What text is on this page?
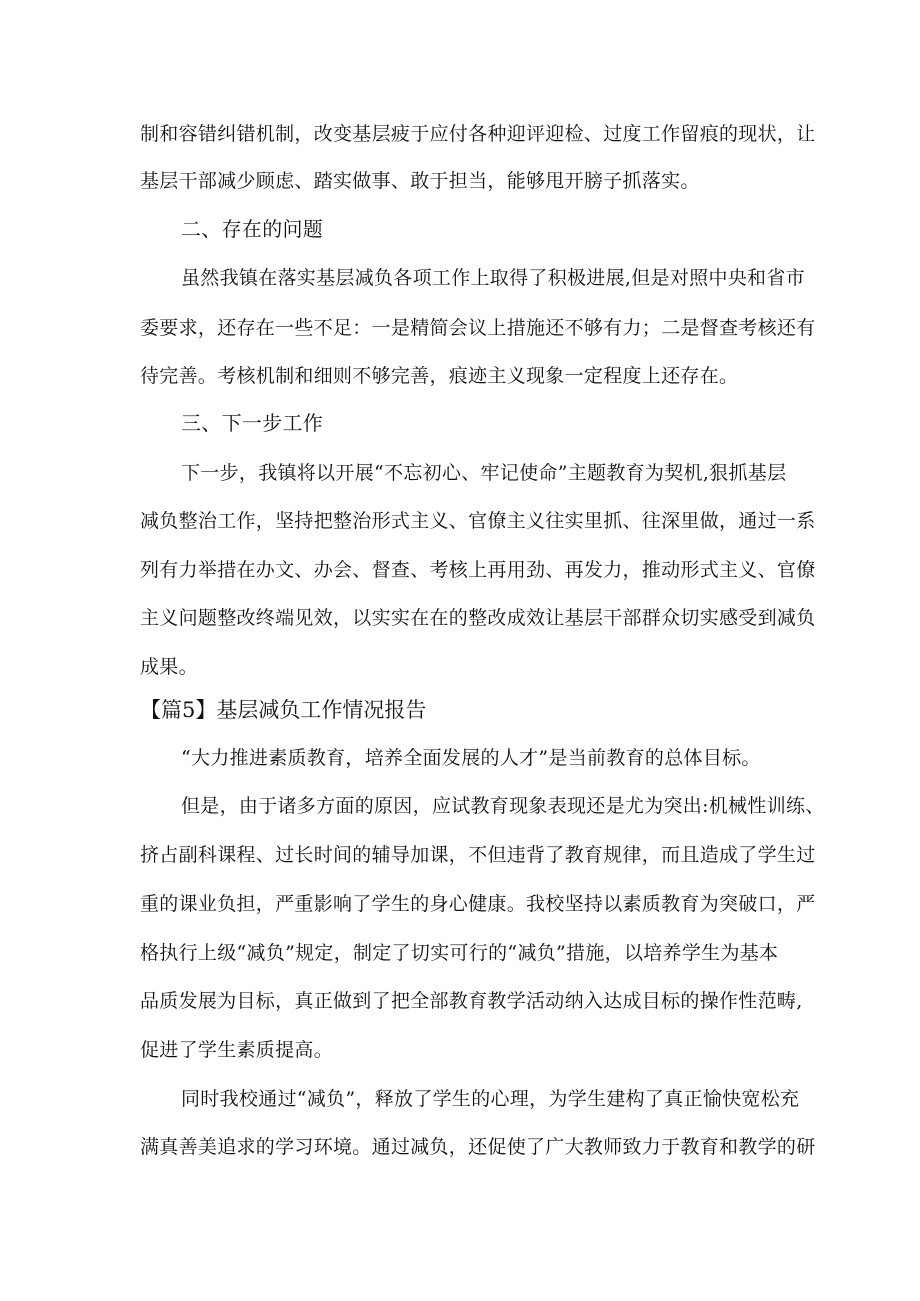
制和容错纠错机制，改变基层疲于应付各种迎评迎检、过度工作留痕的现状，让
基层干部减少顾虑、踏实做事、敢于担当，能够甩开膀子抓落实。
二、存在的问题
虽然我镇在落实基层减负各项工作上取得了积极进展,但是对照中央和省市
委要求，还存在一些不足：一是精简会议上措施还不够有力；二是督查考核还有
待完善。考核机制和细则不够完善，痕迹主义现象一定程度上还存在。
三、下一步工作
下一步，我镇将以开展“不忘初心、牢记使命”主题教育为契机,狠抓基层
减负整治工作，坚持把整治形式主义、官僚主义往实里抓、往深里做，通过一系
列有力举措在办文、办会、督查、考核上再用劲、再发力，推动形式主义、官僚
主义问题整改终端见效，以实实在在的整改成效让基层干部群众切实感受到减负
成果。
【篇5】基层减负工作情况报告
“大力推进素质教育，培养全面发展的人才”是当前教育的总体目标。
但是，由于诸多方面的原因，应试教育现象表现还是尤为突出:机械性训练、
挤占副科课程、过长时间的辅导加课，不但违背了教育规律，而且造成了学生过
重的课业负担，严重影响了学生的身心健康。我校坚持以素质教育为突破口，严
格执行上级“减负”规定，制定了切实可行的“减负”措施，以培养学生为基本
品质发展为目标，真正做到了把全部教育教学活动纳入达成目标的操作性范畴,
促进了学生素质提高。
同时我校通过“减负”，释放了学生的心理，为学生建构了真正愉快宽松充
满真善美追求的学习环境。通过减负，还促使了广大教师致力于教育和教学的研
